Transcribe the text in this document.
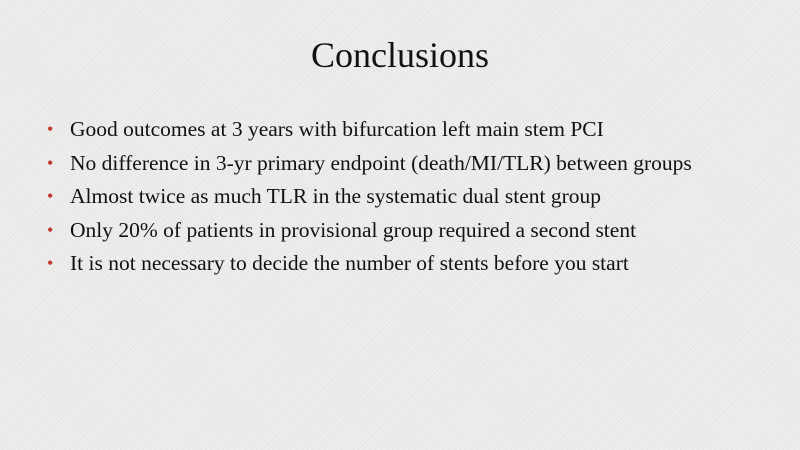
Conclusions
• Good outcomes at 3 years with bifurcation left main stem PCI
• No difference in 3-yr primary endpoint (death/MI/TLR) between groups
• Almost twice as much TLR in the systematic dual stent group
• Only 20% of patients in provisional group required a second stent
• It is not necessary to decide the number of stents before you start
